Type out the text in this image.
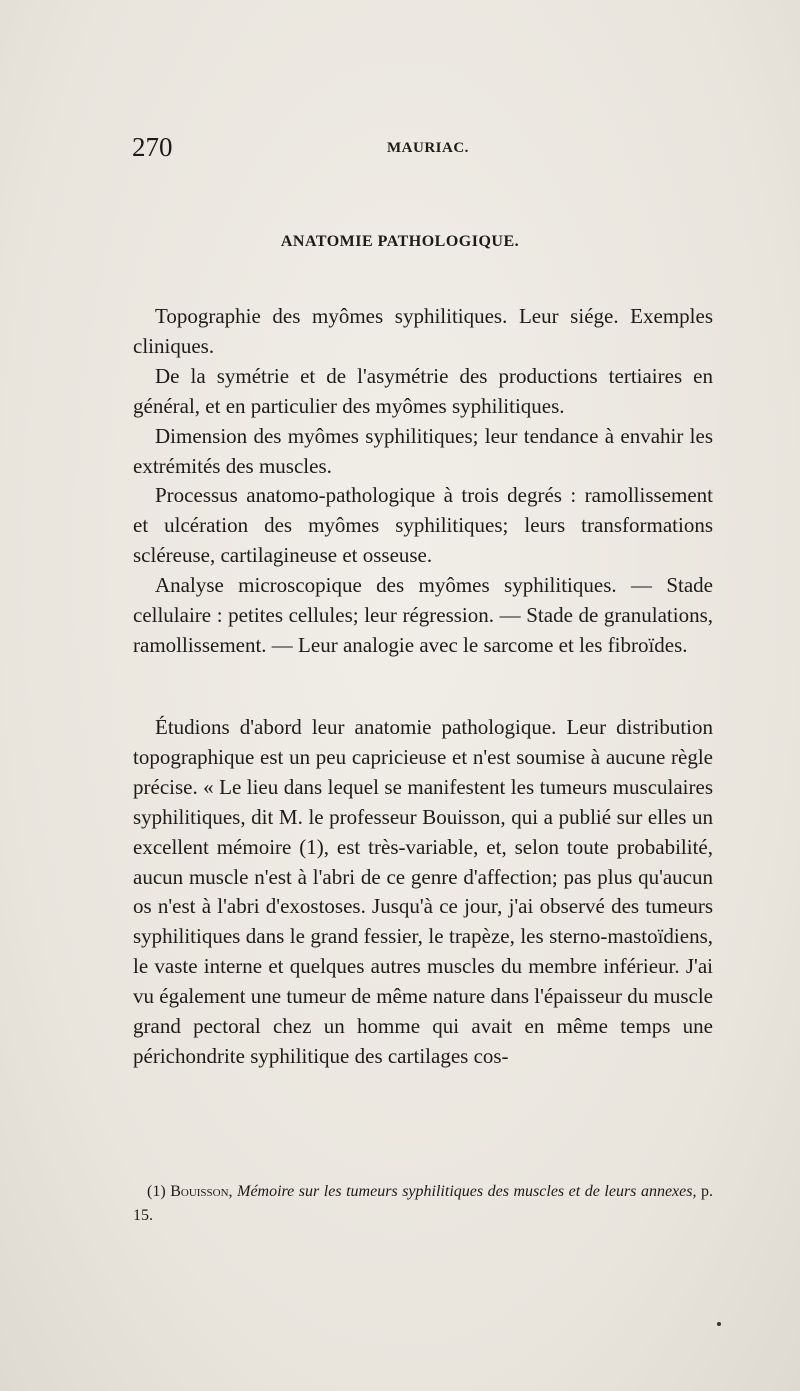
270	MAURIAC.
ANATOMIE PATHOLOGIQUE.

Topographie des myômes syphilitiques. Leur siége. Exemples cliniques.

De la symétrie et de l'asymétrie des productions tertiaires en général, et en particulier des myômes syphilitiques.

Dimension des myômes syphilitiques; leur tendance à envahir les extrémités des muscles.

Processus anatomo-pathologique à trois degrés : ramollissement et ulcération des myômes syphilitiques; leurs transformations scléreuse, cartilagineuse et osseuse.

Analyse microscopique des myômes syphilitiques. — Stade cellulaire : petites cellules; leur régression. — Stade de granulations, ramollissement. — Leur analogie avec le sarcome et les fibroïdes.

Étudions d'abord leur anatomie pathologique. Leur distribution topographique est un peu capricieuse et n'est soumise à aucune règle précise. « Le lieu dans lequel se manifestent les tumeurs musculaires syphilitiques, dit M. le professeur Bouisson, qui a publié sur elles un excellent mémoire (1), est très-variable, et, selon toute probabilité, aucun muscle n'est à l'abri de ce genre d'affection; pas plus qu'aucun os n'est à l'abri d'exostoses. Jusqu'à ce jour, j'ai observé des tumeurs syphilitiques dans le grand fessier, le trapèze, les sterno-mastoïdiens, le vaste interne et quelques autres muscles du membre inférieur. J'ai vu également une tumeur de même nature dans l'épaisseur du muscle grand pectoral chez un homme qui avait en même temps une périchondrite syphilitique des cartilages cos-

(1) Bouisson, Mémoire sur les tumeurs syphilitiques des muscles et de leurs annexes, p. 15.
